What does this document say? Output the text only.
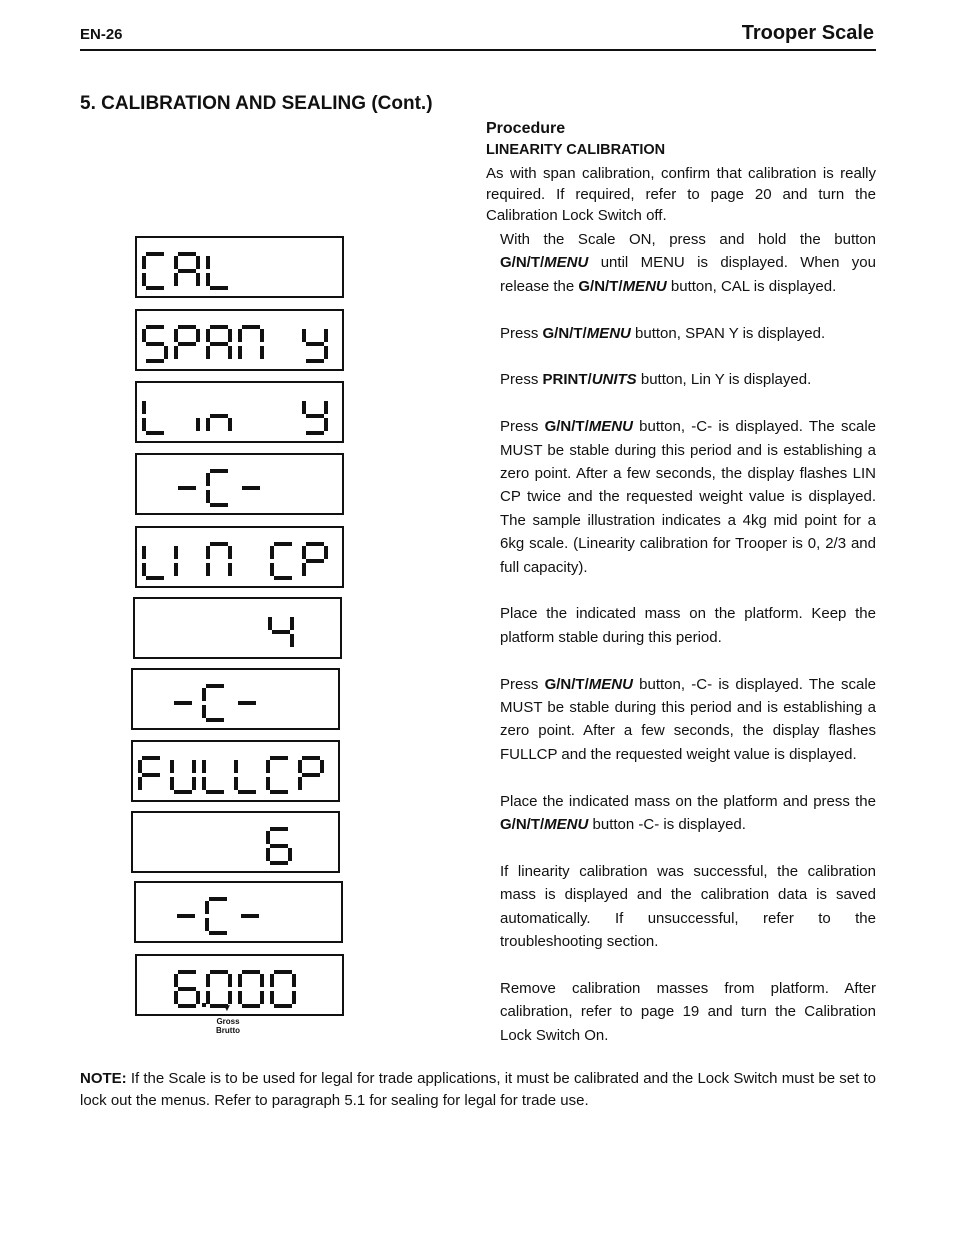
EN-26	Trooper Scale
5. CALIBRATION AND SEALING (Cont.)
Procedure
LINEARITY CALIBRATION
As with span calibration, confirm that calibration is really required. If required, refer to page 20 and turn the Calibration Lock Switch off.
With the Scale ON, press and hold the button G/N/T/MENU until MENU is displayed. When you release the G/N/T/MENU button, CAL is displayed.
Press G/N/T/MENU button, SPAN Y is displayed.
Press PRINT/UNITS button, Lin Y is displayed.
Press G/N/T/MENU button, -C- is displayed. The scale MUST be stable during this period and is establishing a zero point. After a few seconds, the display flashes LIN CP twice and the requested weight value is displayed. The sample illustration indicates a 4kg mid point for a 6kg scale. (Linearity calibration for Trooper is 0, 2/3 and full capacity).
Place the indicated mass on the platform. Keep the platform stable during this period.
Press G/N/T/MENU button, -C- is displayed. The scale MUST be stable during this period and is establishing a zero point. After a few seconds, the display flashes FULLCP and the requested weight value is displayed.
Place the indicated mass on the platform and press the G/N/T/MENU button -C- is displayed.
If linearity calibration was successful, the calibration mass is displayed and the calibration data is saved automatically. If unsuccessful, refer to the troubleshooting section.
Remove calibration masses from platform. After calibration, refer to page 19 and turn the Calibration Lock Switch On.
▼
Gross
Brutto
NOTE: If the Scale is to be used for legal for trade applications, it must be calibrated and the Lock Switch must be set to lock out the menus. Refer to paragraph 5.1 for sealing for legal for trade use.
